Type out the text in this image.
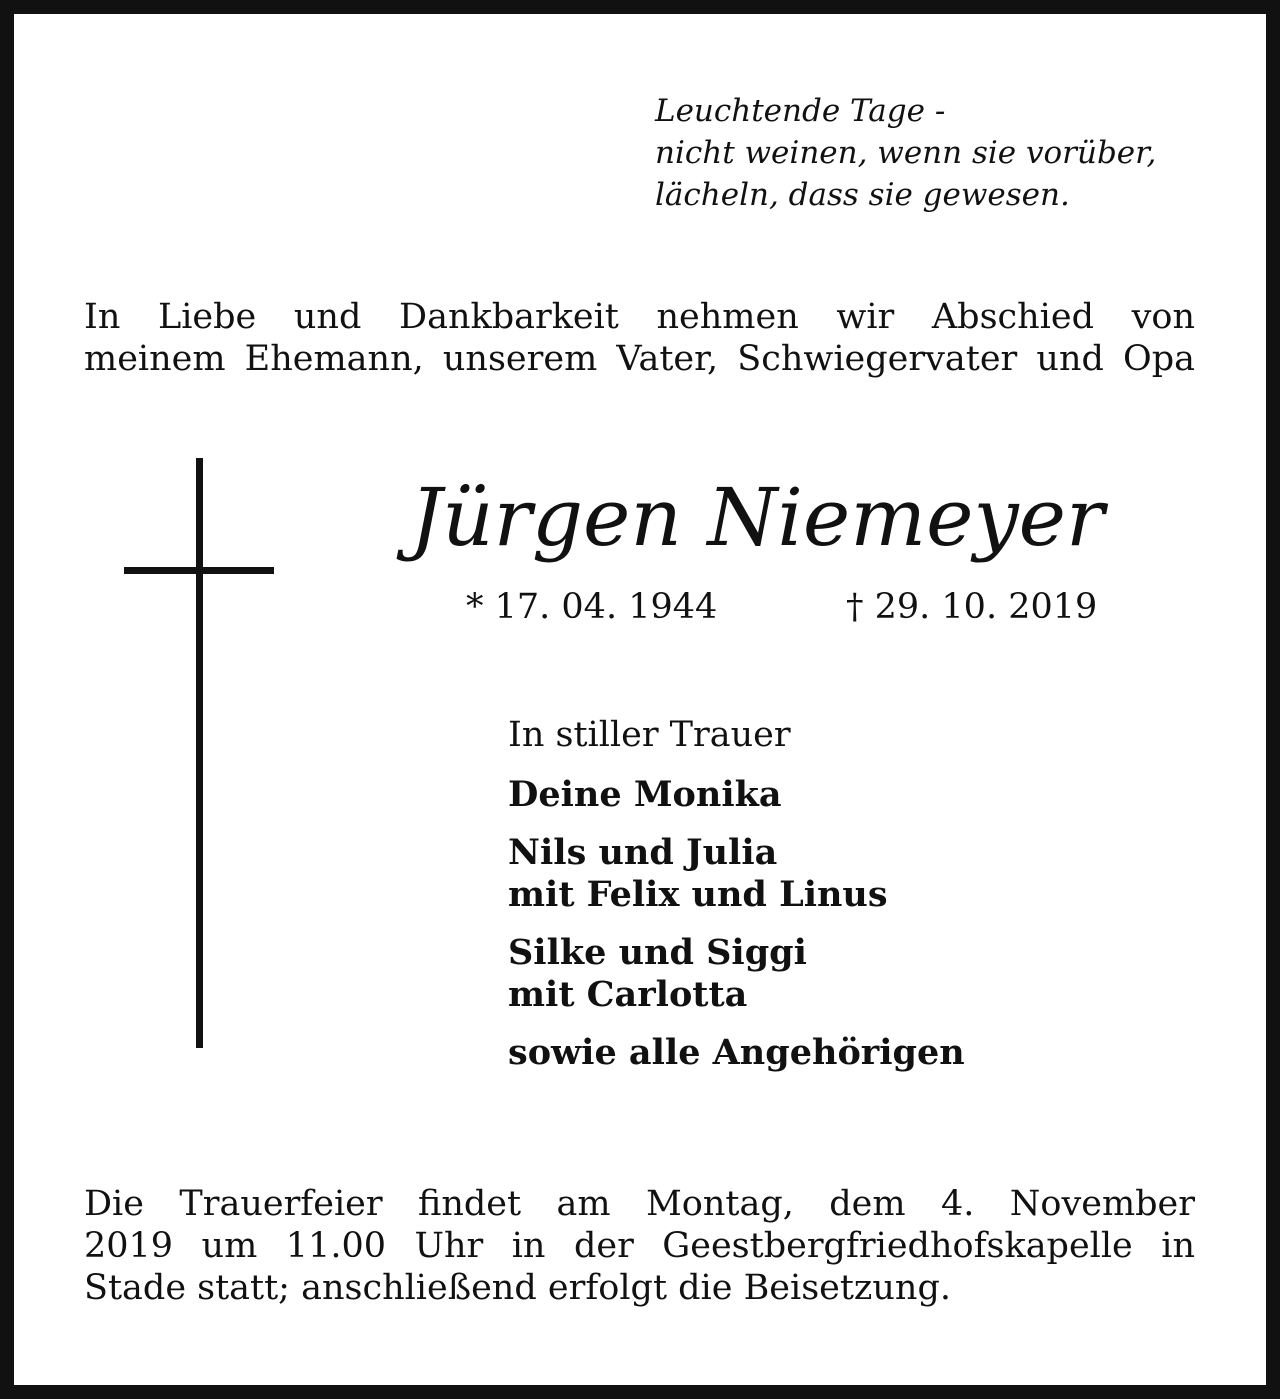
Leuchtende Tage -
nicht weinen, wenn sie vorüber,
lächeln, dass sie gewesen.
In Liebe und Dankbarkeit nehmen wir Abschied von
meinem Ehemann, unserem Vater, Schwiegervater und Opa
Jürgen Niemeyer
* 17. 04. 1944	† 29. 10. 2019
In stiller Trauer
Deine Monika
Nils und Julia
mit Felix und Linus
Silke und Siggi
mit Carlotta
sowie alle Angehörigen
Die Trauerfeier findet am Montag, dem 4. November
2019 um 11.00 Uhr in der Geestbergfriedhofskapelle in
Stade statt; anschließend erfolgt die Beisetzung.
